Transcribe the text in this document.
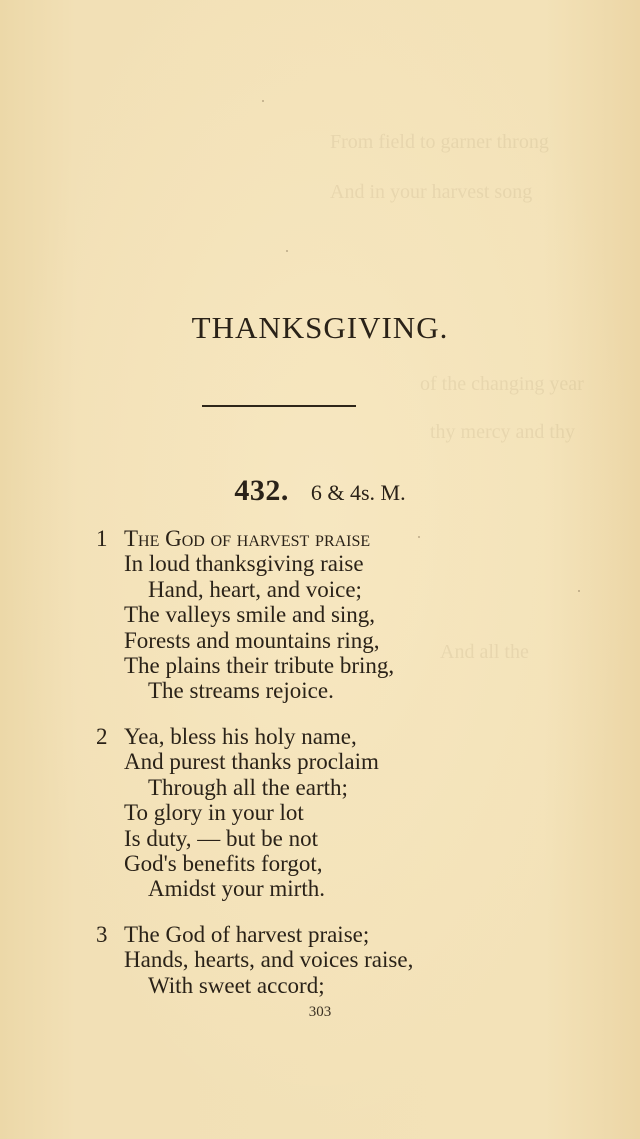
From field to garner throng
And in your harvest song
of the changing year
thy mercy and thy
And all the
THANKSGIVING.
432. 6 & 4s. M.
1 The God of harvest praise
In loud thanksgiving raise
Hand, heart, and voice;
The valleys smile and sing,
Forests and mountains ring,
The plains their tribute bring,
The streams rejoice.
2 Yea, bless his holy name,
And purest thanks proclaim
Through all the earth;
To glory in your lot
Is duty, — but be not
God's benefits forgot,
Amidst your mirth.
3 The God of harvest praise;
Hands, hearts, and voices raise,
With sweet accord;
303
